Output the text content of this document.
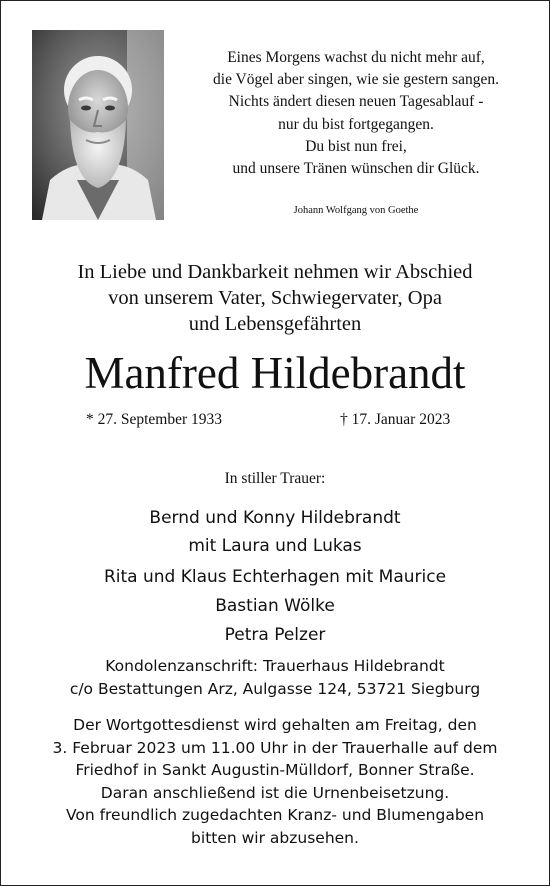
Eines Morgens wachst du nicht mehr auf,
die Vögel aber singen, wie sie gestern sangen.
Nichts ändert diesen neuen Tagesablauf -
nur du bist fortgegangen.
Du bist nun frei,
und unsere Tränen wünschen dir Glück.
Johann Wolfgang von Goethe
In Liebe und Dankbarkeit nehmen wir Abschied
von unserem Vater, Schwiegervater, Opa
und Lebensgefährten
Manfred Hildebrandt
* 27. September 1933	† 17. Januar 2023
In stiller Trauer:
Bernd und Konny Hildebrandt
mit Laura und Lukas
Rita und Klaus Echterhagen mit Maurice
Bastian Wölke
Petra Pelzer
Kondolenzanschrift: Trauerhaus Hildebrandt
c/o Bestattungen Arz, Aulgasse 124, 53721 Siegburg
Der Wortgottesdienst wird gehalten am Freitag, den
3. Februar 2023 um 11.00 Uhr in der Trauerhalle auf dem
Friedhof in Sankt Augustin-Mülldorf, Bonner Straße.
Daran anschließend ist die Urnenbeisetzung.
Von freundlich zugedachten Kranz- und Blumengaben
bitten wir abzusehen.
